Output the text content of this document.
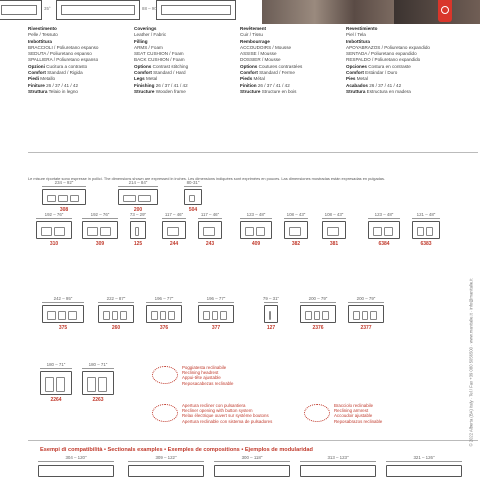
35°	88 – 90
Rivestimento
Pelle / Tessuto
Imbottitura
BRACCIOLI / Poliuretano espanso
SEDUTA / Poliuretano espanso
SPALLIERA / Poliuretano espanso
Opzioni Cucitura a contrasto
Comfort Standard / Rigida
Piedi Metallo
Finiture 26 / 37 / 41 / 42
Struttura Telaio in legno
Coverings
Leather / Fabric
Filling
ARMS / Foam
SEAT CUSHION / Foam
BACK CUSHION / Foam
Options Contrast stitching
Comfort Standard / Hard
Legs Metal
Finishing 26 / 37 / 41 / 42
Structure Wooden frame
Revêtement
Cuir / Tissu
Rembourrage
ACCOUDOIRS / Mousse
ASSISE / Mousse
DOSSIER / Mousse
Options Coutures contrastées
Comfort Standard / Ferme
Pieds Métal
Finition 26 / 37 / 41 / 42
Structure Structure en bois
Revestimiento
Piel / Tela
Imbottitura
APOYABRAZOS / Poliuretano expandido
SENTADA / Poliuretano expandido
RESPALDO / Poliuretano expandido
Opciones Costura en contraste
Comfort Estándar / Duro
Pies Metal
Acabados 26 / 37 / 41 / 42
Struttura Estructura en madera
Le misure riportate sono espresse in pollici. The dimensions shown are expressed in inches. Les dimensions indiquées sont exprimées en pouces. Las dimensiones mostradas están expresadas en pulgadas.
234 – 92"
308
214 – 84"
200
80-31"
504
192 – 76"
310
192 – 76"
309
73 – 29"
125
117 – 46"
244
117 – 46"
243
123 – 48"
409
108 – 43"
382
108 – 43"
381
123 – 48"
6384
121 – 48"
6383
242 – 95"
375
222 – 87"
260
196 – 77"
376
196 – 77"
377
79 – 31"
127
200 – 79"
2376
200 – 79"
2377
180 – 71"
2264
180 – 71"
2263
Poggiatesta reclinabile
Reclining headrest
Appui-tête ajustable
Reposacabezas reclinable
Apertura recliner con pulsantiera
Recliner opening with button system
Relax électrique ouvert sur système boutons
Apertura reclinable con sistema de pulsadores
Bracciolo reclinabile
Reclining armrest
Accoudoir ajustable
Reposabrazos reclinable
Esempi di compatibilità • Sectionals examples • Exemples de compositions • Ejemplos de modularidad
304 – 120"	309 – 122"	300 – 118"	313 – 123"	321 – 126"
© 2022 Alberta (BA) Italy · Tel / Fax +39 080 5056500 · www.manitalie.it · info@manitalie.it
